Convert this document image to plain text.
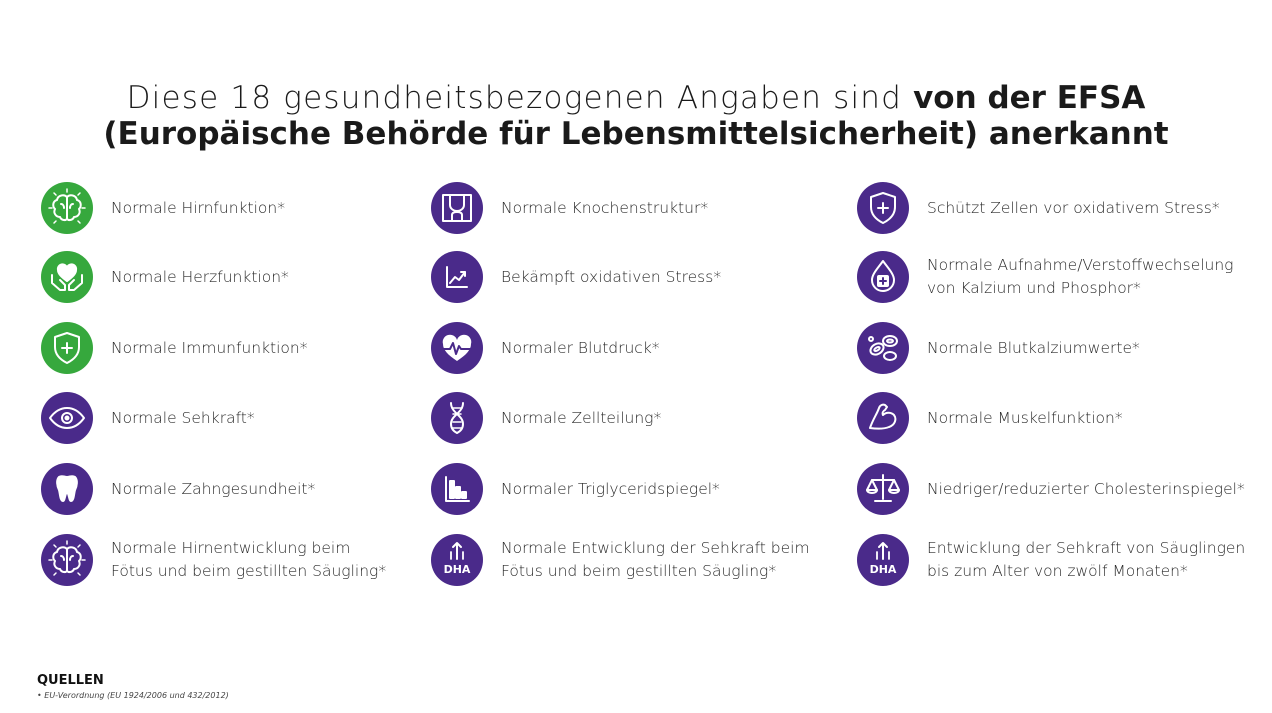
Diese 18 gesundheitsbezogenen Angaben sind von der EFSA
(Europäische Behörde für Lebensmittelsicherheit) anerkannt
Normale Hirnfunktion*
Normale Herzfunktion*
Normale Immunfunktion*
Normale Sehkraft*
Normale Zahngesundheit*
Normale Hirnentwicklung beim
Fötus und beim gestillten Säugling*
Normale Knochenstruktur*
Bekämpft oxidativen Stress*
Normaler Blutdruck*
Normale Zellteilung*
Normaler Triglyceridspiegel*
DHA
Normale Entwicklung der Sehkraft beim
Fötus und beim gestillten Säugling*
Schützt Zellen vor oxidativem Stress*
Normale Aufnahme/Verstoffwechselung
von Kalzium und Phosphor*
Normale Blutkalziumwerte*
Normale Muskelfunktion*
Niedriger/reduzierter Cholesterinspiegel*
DHA
Entwicklung der Sehkraft von Säuglingen
bis zum Alter von zwölf Monaten*
QUELLEN
• EU-Verordnung (EU 1924/2006 und 432/2012)
